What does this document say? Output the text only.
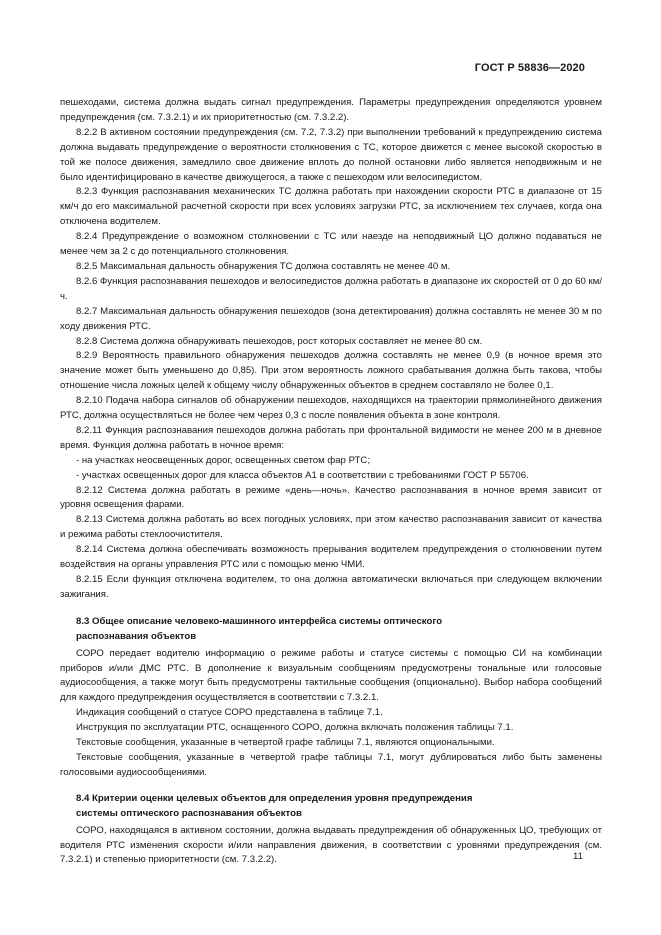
ГОСТ Р 58836—2020

пешеходами, система должна выдать сигнал предупреждения. Параметры предупреждения определяются уровнем предупреждения (см. 7.3.2.1) и их приоритетностью (см. 7.3.2.2).

8.2.2 В активном состоянии предупреждения (см. 7.2, 7.3.2) при выполнении требований к предупреждению система должна выдавать предупреждение о вероятности столкновения с ТС, которое движется с менее высокой скоростью в той же полосе движения, замедлило свое движение вплоть до полной остановки либо является неподвижным и не было идентифицировано в качестве движущегося, а также с пешеходом или велосипедистом.

8.2.3 Функция распознавания механических ТС должна работать при нахождении скорости РТС в диапазоне от 15 км/ч до его максимальной расчетной скорости при всех условиях загрузки РТС, за исключением тех случаев, когда она отключена водителем.

8.2.4 Предупреждение о возможном столкновении с ТС или наезде на неподвижный ЦО должно подаваться не менее чем за 2 с до потенциального столкновения.

8.2.5 Максимальная дальность обнаружения ТС должна составлять не менее 40 м.

8.2.6 Функция распознавания пешеходов и велосипедистов должна работать в диапазоне их скоростей от 0 до 60 км/ч.

8.2.7 Максимальная дальность обнаружения пешеходов (зона детектирования) должна составлять не менее 30 м по ходу движения РТС.

8.2.8 Система должна обнаруживать пешеходов, рост которых составляет не менее 80 см.

8.2.9 Вероятность правильного обнаружения пешеходов должна составлять не менее 0,9 (в ночное время это значение может быть уменьшено до 0,85). При этом вероятность ложного срабатывания должна быть такова, чтобы отношение числа ложных целей к общему числу обнаруженных объектов в среднем составляло не более 0,1.

8.2.10 Подача набора сигналов об обнаружении пешеходов, находящихся на траектории прямолинейного движения РТС, должна осуществляться не более чем через 0,3 с после появления объекта в зоне контроля.

8.2.11 Функция распознавания пешеходов должна работать при фронтальной видимости не менее 200 м в дневное время. Функция должна работать в ночное время:

- на участках неосвещенных дорог, освещенных светом фар РТС;

- участках освещенных дорог для класса объектов А1 в соответствии с требованиями ГОСТ Р 55706.

8.2.12 Система должна работать в режиме «день—ночь». Качество распознавания в ночное время зависит от уровня освещения фарами.

8.2.13 Система должна работать во всех погодных условиях, при этом качество распознавания зависит от качества и режима работы стеклоочистителя.

8.2.14 Система должна обеспечивать возможность прерывания водителем предупреждения о столкновении путем воздействия на органы управления РТС или с помощью меню ЧМИ.

8.2.15 Если функция отключена водителем, то она должна автоматически включаться при следующем включении зажигания.

8.3 Общее описание человеко-машинного интерфейса системы оптического
распознавания объектов

СОРО передает водителю информацию о режиме работы и статусе системы с помощью СИ на комбинации приборов и/или ДМС РТС. В дополнение к визуальным сообщениям предусмотрены тональные или голосовые аудиосообщения, а также могут быть предусмотрены тактильные сообщения (опционально). Выбор набора сообщений для каждого предупреждения осуществляется в соответствии с 7.3.2.1.

Индикация сообщений о статусе СОРО представлена в таблице 7.1.

Инструкция по эксплуатации РТС, оснащенного СОРО, должна включать положения таблицы 7.1.

Текстовые сообщения, указанные в четвертой графе таблицы 7.1, являются опциональными.

Текстовые сообщения, указанные в четвертой графе таблицы 7.1, могут дублироваться либо быть заменены голосовыми аудиосообщениями.

8.4 Критерии оценки целевых объектов для определения уровня предупреждения
системы оптического распознавания объектов

СОРО, находящаяся в активном состоянии, должна выдавать предупреждения об обнаруженных ЦО, требующих от водителя РТС изменения скорости и/или направления движения, в соответствии с уровнями предупреждения (см. 7.3.2.1) и степенью приоритетности (см. 7.3.2.2).	11
